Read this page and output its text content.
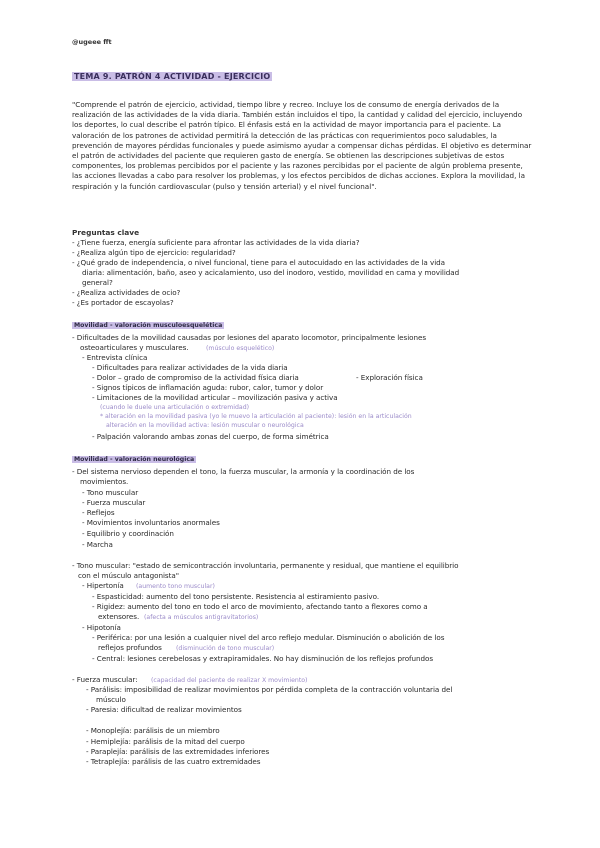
@ugeee fft
TEMA 9. PATRÓN 4 ACTIVIDAD - EJERCICIO
"Comprende el patrón de ejercicio, actividad, tiempo libre y recreo. Incluye los de consumo de energía derivados de la realización de las actividades de la vida diaria. También están incluidos el tipo, la cantidad y calidad del ejercicio, incluyendo los deportes, lo cual describe el patrón típico. El énfasis está en la actividad de mayor importancia para el paciente. La valoración de los patrones de actividad permitirá la detección de las prácticas con requerimientos poco saludables, la prevención de mayores pérdidas funcionales y puede asimismo ayudar a compensar dichas pérdidas. El objetivo es determinar el patrón de actividades del paciente que requieren gasto de energía. Se obtienen las descripciones subjetivas de estos componentes, los problemas percibidos por el paciente y las razones percibidas por el paciente de algún problema presente, las acciones llevadas a cabo para resolver los problemas, y los efectos percibidos de dichas acciones. Explora la movilidad, la respiración y la función cardiovascular (pulso y tensión arterial) y el nivel funcional".
Preguntas clave
- ¿Tiene fuerza, energía suficiente para afrontar las actividades de la vida diaria?
- ¿Realiza algún tipo de ejercicio: regularidad?
- ¿Qué grado de independencia, o nivel funcional, tiene para el autocuidado en las actividades de la vida
diaria: alimentación, baño, aseo y acicalamiento, uso del inodoro, vestido, movilidad en cama y movilidad
general?
- ¿Realiza actividades de ocio?
- ¿Es portador de escayolas?
Movilidad - valoración musculoesquelética
- Dificultades de la movilidad causadas por lesiones del aparato locomotor, principalmente lesiones
osteoarticulares y musculares.	(músculo esquelético)
- Entrevista clínica
- Dificultades para realizar actividades de la vida diaria
- Dolor – grado de compromiso de la actividad física diaria	- Exploración física
- Signos típicos de inflamación aguda: rubor, calor, tumor y dolor
- Limitaciones de la movilidad articular – movilización pasiva y activa
(cuando le duele una articulación o extremidad)
* alteración en la movilidad pasiva (yo le muevo la articulación al paciente): lesión en la articulación
alteración en la movilidad activa: lesión muscular o neurológica
- Palpación valorando ambas zonas del cuerpo, de forma simétrica
Movilidad - valoración neurológica
- Del sistema nervioso dependen el tono, la fuerza muscular, la armonía y la coordinación de los
movimientos.
- Tono muscular
- Fuerza muscular
- Reflejos
- Movimientos involuntarios anormales
- Equilibrio y coordinación
- Marcha
- Tono muscular: "estado de semicontracción involuntaria, permanente y residual, que mantiene el equilibrio
con el músculo antagonista"
- Hipertonía (aumento tono muscular)
- Espasticidad: aumento del tono persistente. Resistencia al estiramiento pasivo.
- Rigidez: aumento del tono en todo el arco de movimiento, afectando tanto a flexores como a
extensores. (afecta a músculos antigravitatorios)
- Hipotonía
- Periférica: por una lesión a cualquier nivel del arco reflejo medular. Disminución o abolición de los
reflejos profundos (disminución de tono muscular)
- Central: lesiones cerebelosas y extrapiramidales. No hay disminución de los reflejos profundos
- Fuerza muscular: (capacidad del paciente de realizar X movimiento)
- Parálisis: imposibilidad de realizar movimientos por pérdida completa de la contracción voluntaria del
músculo
- Paresia: dificultad de realizar movimientos
- Monoplejía: parálisis de un miembro
- Hemiplejía: parálisis de la mitad del cuerpo
- Paraplejía: parálisis de las extremidades inferiores
- Tetraplejía: parálisis de las cuatro extremidades
